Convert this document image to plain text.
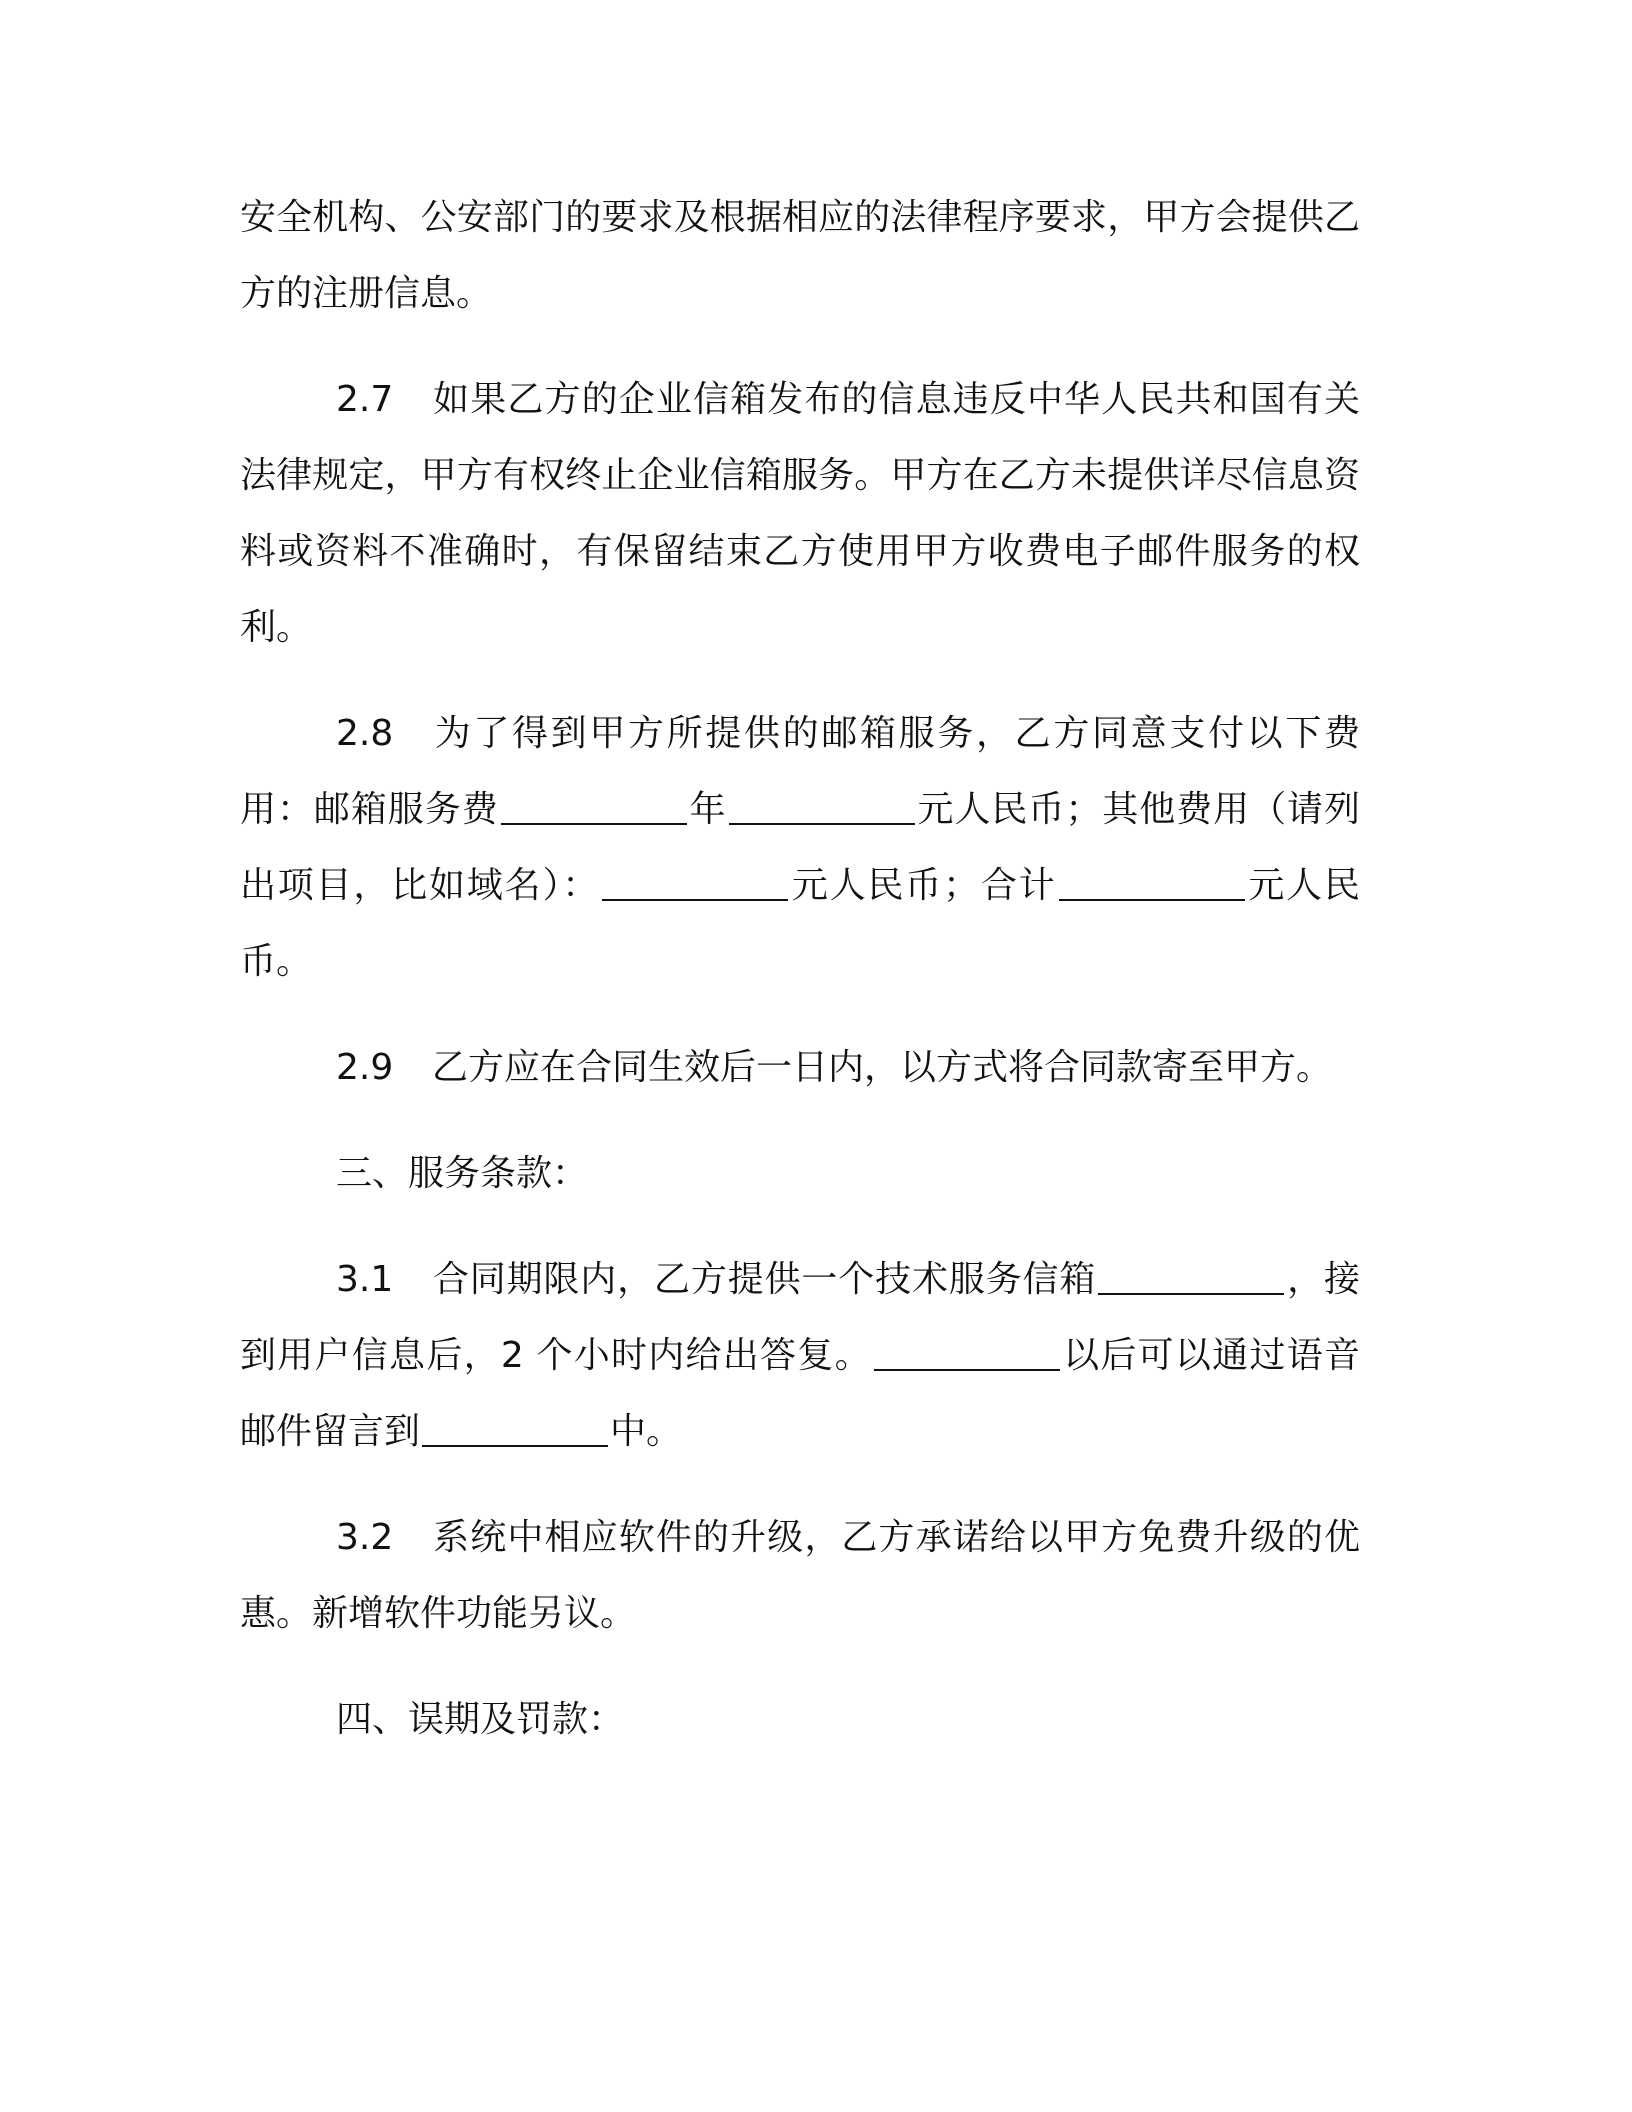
安全机构、公安部门的要求及根据相应的法律程序要求，甲方会提供乙方的注册信息。

2.7 如果乙方的企业信箱发布的信息违反中华人民共和国有关法律规定，甲方有权终止企业信箱服务。甲方在乙方未提供详尽信息资料或资料不准确时，有保留结束乙方使用甲方收费电子邮件服务的权利。

2.8 为了得到甲方所提供的邮箱服务，乙方同意支付以下费用：邮箱服务费	年	元人民币；其他费用（请列出项目，比如域名）：	元人民币；合计	元人民币。

2.9 乙方应在合同生效后一日内，以方式将合同款寄至甲方。

三、服务条款：

3.1 合同期限内，乙方提供一个技术服务信箱	，接到用户信息后，2 个小时内给出答复。	以后可以通过语音邮件留言到	中。

3.2 系统中相应软件的升级，乙方承诺给以甲方免费升级的优惠。新增软件功能另议。

四、误期及罚款：
